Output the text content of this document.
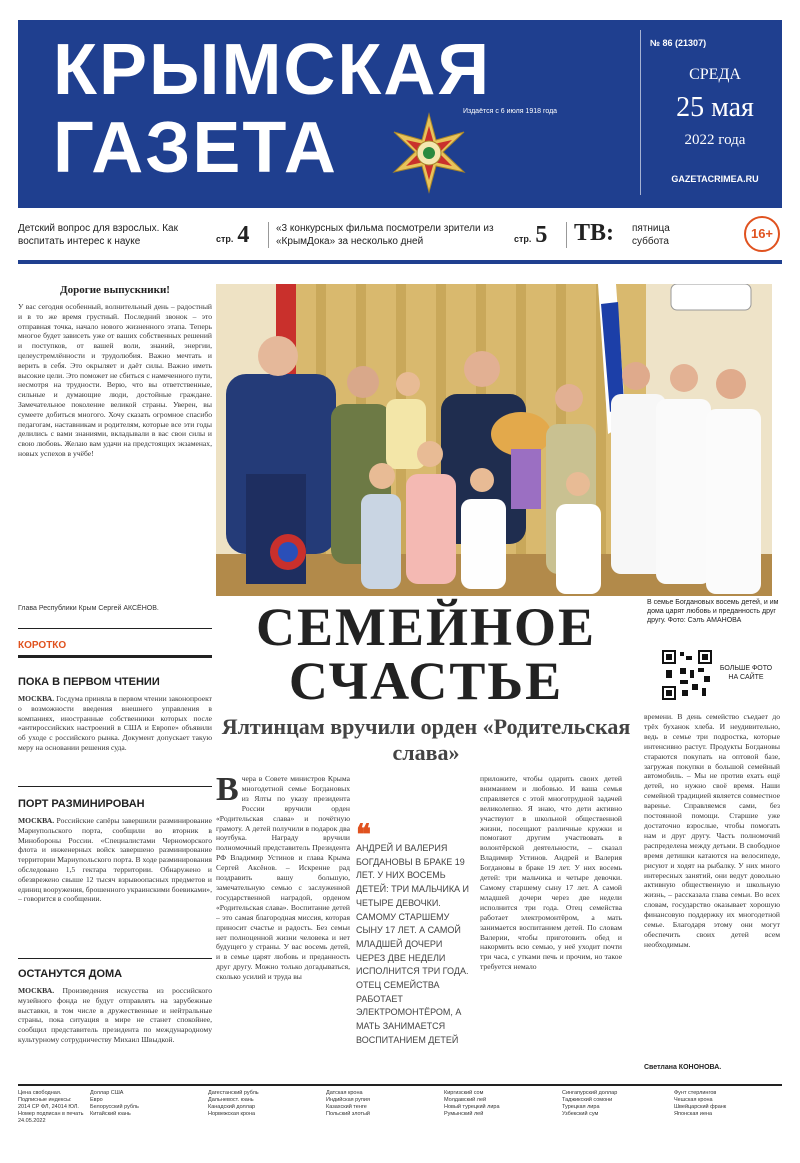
КРЫМСКАЯ
ГАЗЕТА	Издаётся с 6 июля 1918 года
№ 86 (21307)
СРЕДА
25 мая
2022 года
GAZETACRIMEA.RU
Детский вопрос для взрослых. Как воспитать интерес к науке	стр. 4	«3 конкурсных фильма посмотрели зрители из «КрымДока» за несколько дней	стр. 5	ТВ: пятница суббота
16+
Дорогие выпускники!
У вас сегодня особенный, волнительный день – радостный и в то же время грустный. Последний звонок – это отправная точка, начало нового жизненного этапа. Теперь многое будет зависеть уже от ваших собственных решений и поступков, от вашей воли, знаний, энергии, целеустремлённости и трудолюбия. Важно мечтать и верить в себя. Это окрыляет и даёт силы. Важно иметь высокие цели. Это поможет не сбиться с намеченного пути, несмотря на трудности. Верю, что вы ответственные, сильные и думающие люди, достойные граждане. Замечательное поколение великой страны. Уверен, вы сумеете добиться многого. Хочу сказать огромное спасибо педагогам, наставникам и родителям, которые все эти годы делились с вами знаниями, вкладывали в вас свои силы и свою любовь. Желаю вам удачи на предстоящих экзаменах, новых успехов в учёбе!
Глава Республики Крым Сергей АКСЁНОВ.
КОРОТКО
ПОКА В ПЕРВОМ ЧТЕНИИ
МОСКВА. Госдума приняла в первом чтении законопроект о возможности введения внешнего управления в компаниях, иностранные собственники которых после «антироссийских настроений в США и Европе» объявили об уходе с российского рынка. Документ допускает такую меру на основании решения суда.
ПОРТ РАЗМИНИРОВАН
МОСКВА. Российские сапёры завершили разминирование Мариупольского порта, сообщили во вторник в Минобороны России. «Специалистами Черноморского флота и инженерных войск завершено разминирование территории Мариупольского порта. В ходе разминирования обследовано 1,5 гектара территории. Обнаружено и обезврежено свыше 12 тысяч взрывоопасных предметов и единиц вооружения, брошенного украинскими боевиками», – говорится в сообщении.
ОСТАНУТСЯ ДОМА
МОСКВА. Произведения искусства из российского музейного фонда не будут отправлять на зарубежные выставки, в том числе в дружественные и нейтральные страны, пока ситуация в мире не станет спокойнее, сообщил представитель президента по международному культурному сотрудничеству Михаил Швыдкой.
В семье Богдановых восемь детей, и им дома царят любовь и преданность друг другу. Фото: Сэлъ АМАНОВА
СЕМЕЙНОЕ
СЧАСТЬЕ
Ялтинцам вручили орден «Родительская слава»
БОЛЬШЕ ФОТО НА САЙТЕ
Вчера в Совете министров Крыма многодетной семье Богдановых из Ялты по указу президента России вручили орден «Родительская слава» и почётную грамоту. А детей получили в подарок два ноутбука. Награду вручили полномочный представитель Президента РФ Владимир Устинов и глава Крыма Сергей Аксёнов. – Искренне рад поздравить вашу большую, замечательную семью с заслуженной государственной наградой, орденом «Родительская слава». Воспитание детей – это самая благородная миссия, которая приносит счастье и радость. Без семьи нет полноценной жизни человека и нет будущего у страны. У вас восемь детей, и в семье царят любовь и преданность друг другу. Можно только догадываться, сколько усилий и труда вы
❝
АНДРЕЙ И ВАЛЕРИЯ БОГДАНОВЫ В БРАКЕ 19 ЛЕТ. У НИХ ВОСЕМЬ ДЕТЕЙ: ТРИ МАЛЬЧИКА И ЧЕТЫРЕ ДЕВОЧКИ. САМОМУ СТАРШЕМУ СЫНУ 17 ЛЕТ. А САМОЙ МЛАДШЕЙ ДОЧЕРИ ЧЕРЕЗ ДВЕ НЕДЕЛИ ИСПОЛНИТСЯ ТРИ ГОДА. ОТЕЦ СЕМЕЙСТВА РАБОТАЕТ ЭЛЕКТРОМОНТЁРОМ, А МАТЬ ЗАНИМАЕТСЯ ВОСПИТАНИЕМ ДЕТЕЙ
приложите, чтобы одарить своих детей вниманием и любовью. И ваша семья справляется с этой многотрудной задачей великолепно. Я знаю, что дети активно участвуют в школьной общественной жизни, посещают различные кружки и помогают другим участвовать в волонтёрской деятельности, – сказал Владимир Устинов. Андрей и Валерия Богдановы в браке 19 лет. У них восемь детей: три мальчика и четыре девочки. Самому старшему сыну 17 лет. А самой младшей дочери через две недели исполнится три года. Отец семейства работает электромонтёром, а мать занимается воспитанием детей. По словам Валерии, чтобы приготовить обед и накормить всю семью, у неё уходит почти три часа, с утками печь и прочим, но такое требуется немало
времени. В день семейство съедает до трёх буханок хлеба. И неудивительно, ведь в семье три подростка, которые интенсивно растут. Продукты Богдановы стараются покупать на оптовой базе, загружая покупки в большой семейный автомобиль. – Мы не против ехать ещё детей, но нужно своё время. Наши семейной традицией является совместное варенье. Справляемся сами, без постоянной помощи. Старшие уже достаточно взрослые, чтобы помогать нам и друг другу. Часть полномочий распределена между детьми. В свободное время детишки катаются на велосипеде, рисуют и ходят на рыбалку. У них много интересных занятий, они ведут довольно активную общественную и школьную жизнь, – рассказала глава семьи. Во всех словам, государство оказывает хорошую финансовую поддержку их многодетной семье. Благодаря этому они могут обеспечить своих детей всем необходимым.
Светлана КОНОНОВА.
Цена свободная. Подписные индексы: 2014 СР ФЛ, 24014 ЮЛ. Номер подписан в печать 24.05.2022
Доллар США
Евро
Белорусский рубль
Китайский юань
Дагестанский рубль
Дальневост. юань
Канадский доллар
Норвежская крона
Датская крона
Индийская рупия
Казахский тенге
Польский злотый
Киргизский сом
Молдавский лей
Новый турецкий лира
Румынский лей
Сингапурский доллар
Таджикский сомони
Турецкая лира
Узбекский сум
Фунт стерлингов
Чешская крона
Швейцарский франк
Японская иена
